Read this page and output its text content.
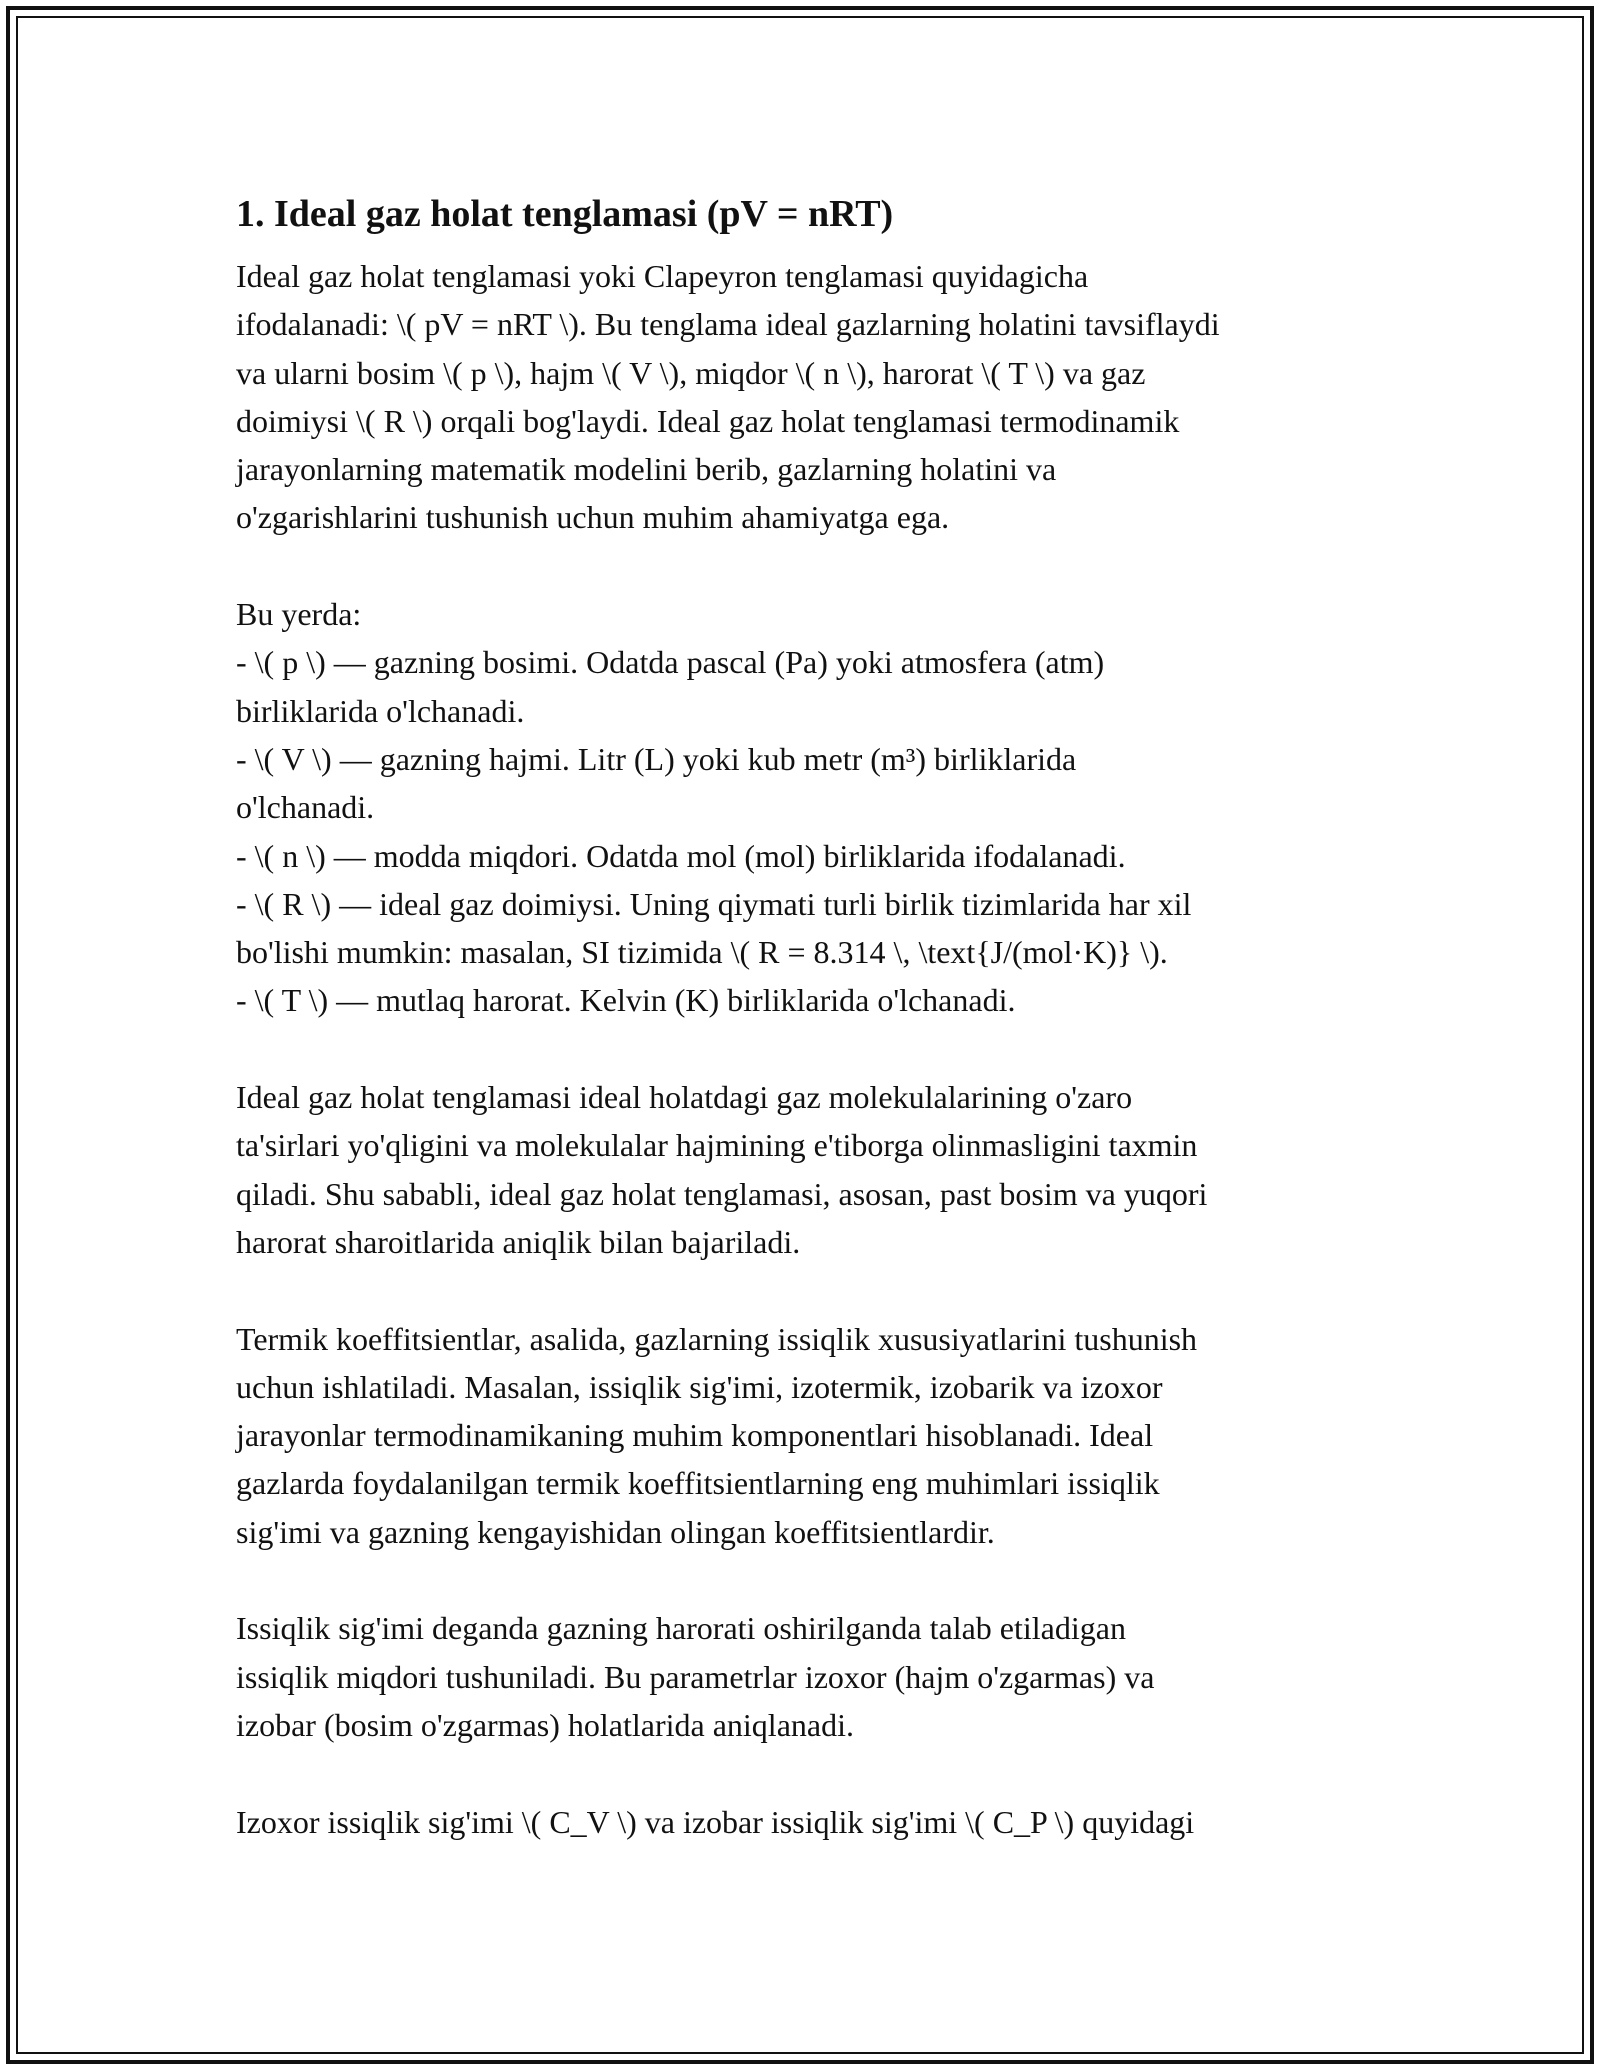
1. Ideal gaz holat tenglamasi (pV = nRT)
Ideal gaz holat tenglamasi yoki Clapeyron tenglamasi quyidagicha
ifodalanadi: \( pV = nRT \). Bu tenglama ideal gazlarning holatini tavsiflaydi
va ularni bosim \( p \), hajm \( V \), miqdor \( n \), harorat \( T \) va gaz
doimiysi \( R \) orqali bog'laydi. Ideal gaz holat tenglamasi termodinamik
jarayonlarning matematik modelini berib, gazlarning holatini va
o'zgarishlarini tushunish uchun muhim ahamiyatga ega.
Bu yerda:
- \( p \) — gazning bosimi. Odatda pascal (Pa) yoki atmosfera (atm)
birliklarida o'lchanadi.
- \( V \) — gazning hajmi. Litr (L) yoki kub metr (m³) birliklarida
o'lchanadi.
- \( n \) — modda miqdori. Odatda mol (mol) birliklarida ifodalanadi.
- \( R \) — ideal gaz doimiysi. Uning qiymati turli birlik tizimlarida har xil
bo'lishi mumkin: masalan, SI tizimida \( R = 8.314 \, \text{J/(mol·K)} \).
- \( T \) — mutlaq harorat. Kelvin (K) birliklarida o'lchanadi.
Ideal gaz holat tenglamasi ideal holatdagi gaz molekulalarining o'zaro
ta'sirlari yo'qligini va molekulalar hajmining e'tiborga olinmasligini taxmin
qiladi. Shu sababli, ideal gaz holat tenglamasi, asosan, past bosim va yuqori
harorat sharoitlarida aniqlik bilan bajariladi.
Termik koeffitsientlar, asalida, gazlarning issiqlik xususiyatlarini tushunish
uchun ishlatiladi. Masalan, issiqlik sig'imi, izotermik, izobarik va izoxor
jarayonlar termodinamikaning muhim komponentlari hisoblanadi. Ideal
gazlarda foydalanilgan termik koeffitsientlarning eng muhimlari issiqlik
sig'imi va gazning kengayishidan olingan koeffitsientlardir.
Issiqlik sig'imi deganda gazning harorati oshirilganda talab etiladigan
issiqlik miqdori tushuniladi. Bu parametrlar izoxor (hajm o'zgarmas) va
izobar (bosim o'zgarmas) holatlarida aniqlanadi.
Izoxor issiqlik sig'imi \( C_V \) va izobar issiqlik sig'imi \( C_P \) quyidagi
